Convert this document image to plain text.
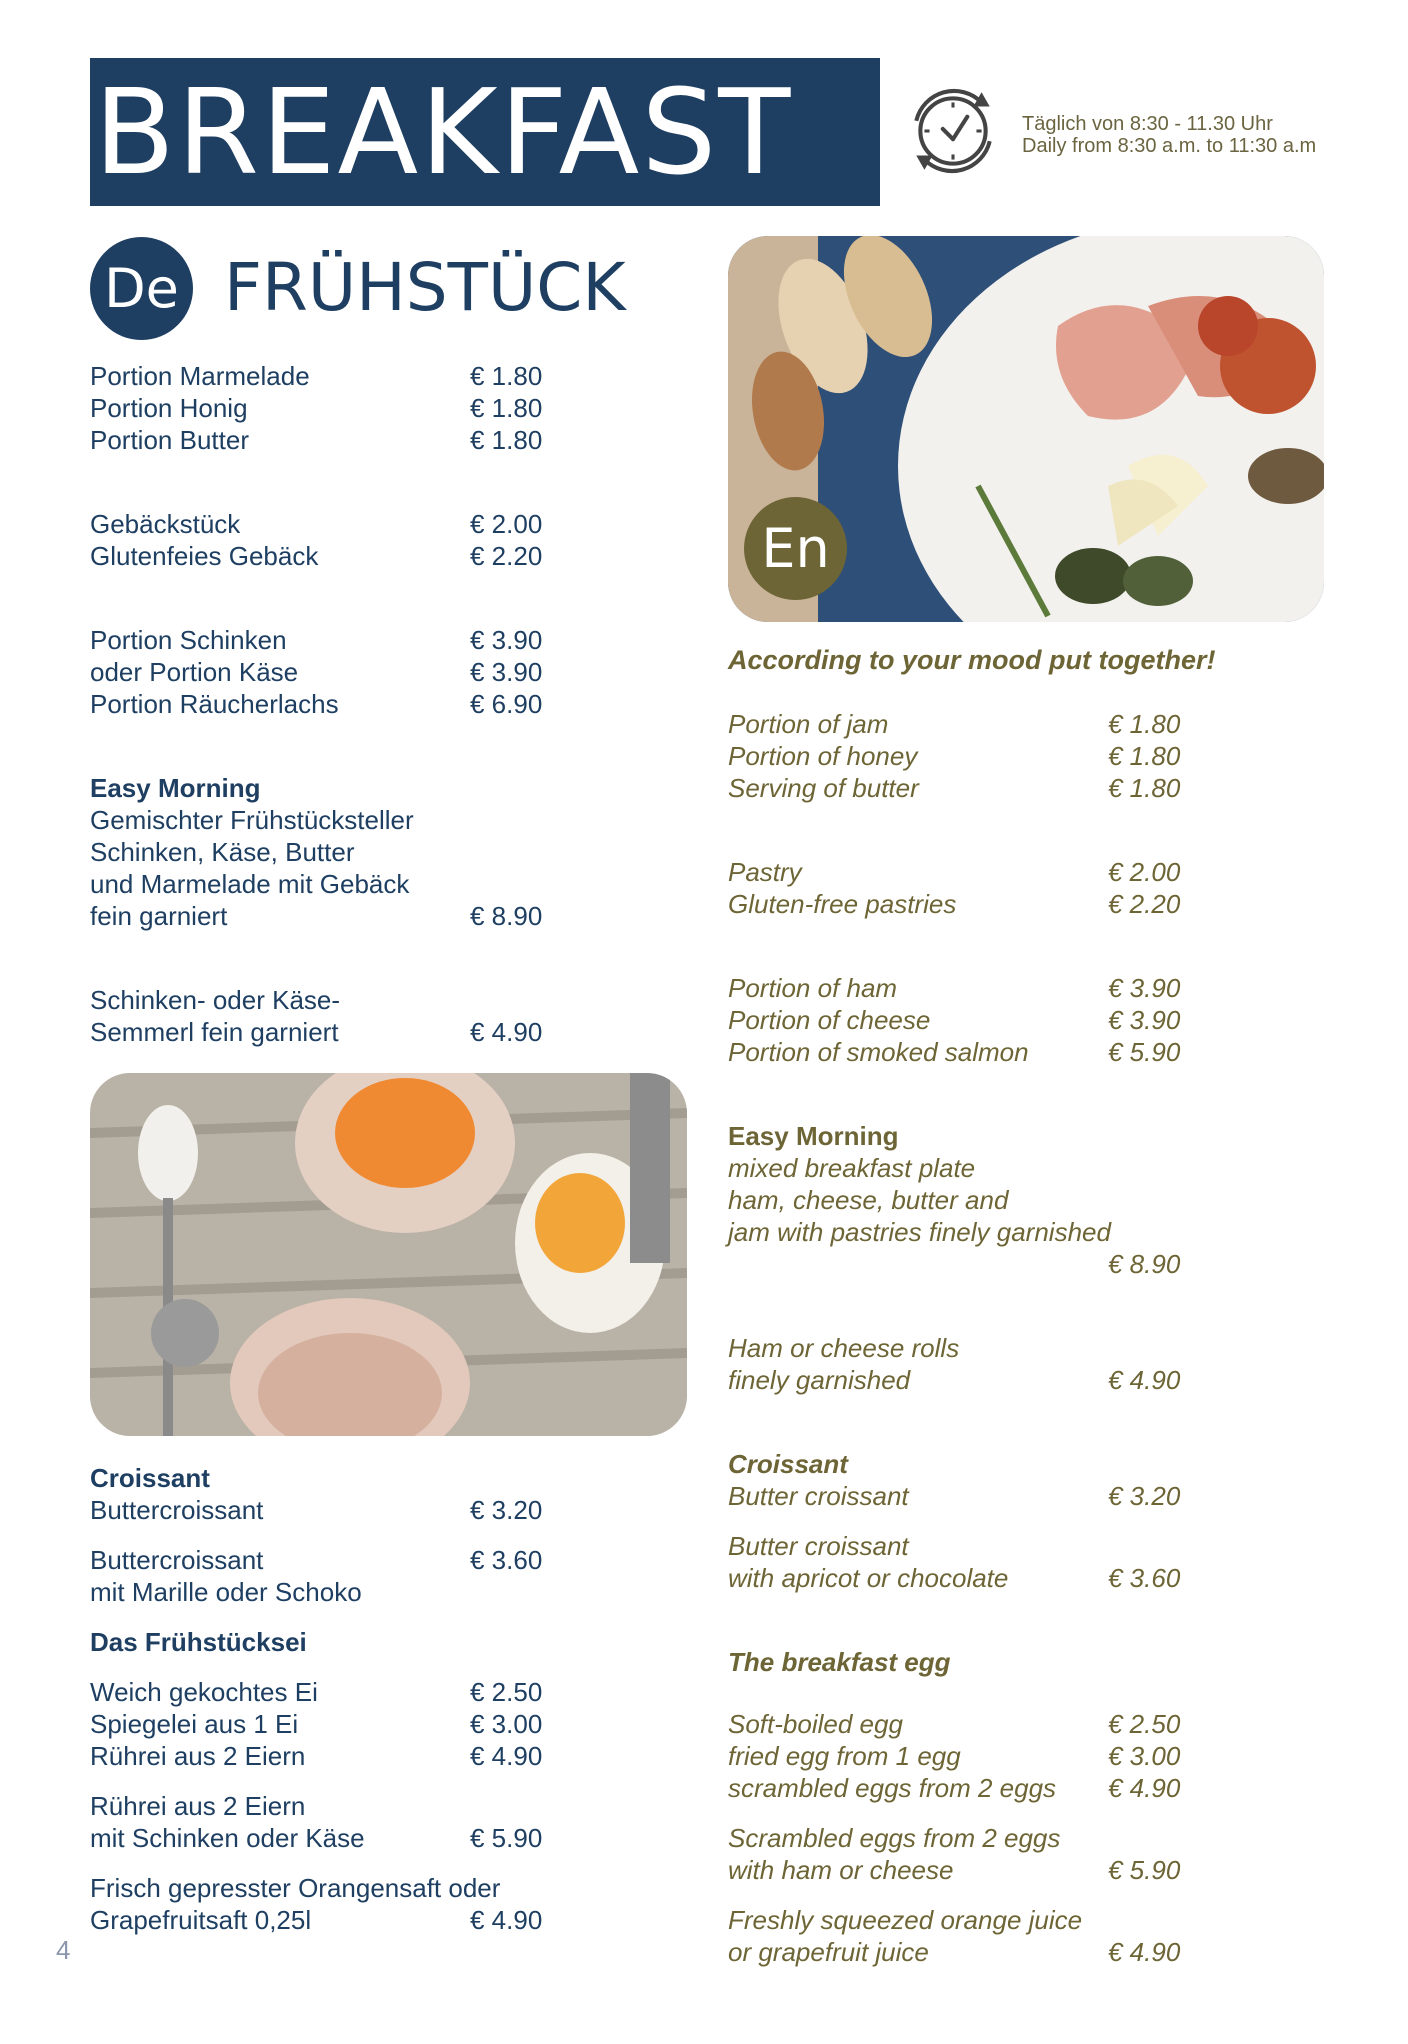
BREAKFAST	Täglich von 8:30 - 11.30 Uhr
Daily from 8:30 a.m. to 11:30 a.m
De FRÜHSTÜCK
En
According to your mood put together!
Portion Marmelade	€ 1.80
Portion Honig	€ 1.80
Portion Butter	€ 1.80
Gebäckstück	€ 2.00
Glutenfeies Gebäck	€ 2.20
Portion Schinken	€ 3.90
oder Portion Käse	€ 3.90
Portion Räucherlachs	€ 6.90
Easy Morning
Gemischter Frühstücksteller
Schinken, Käse, Butter
und Marmelade mit Gebäck
fein garniert	€ 8.90
Schinken- oder Käse-
Semmerl fein garniert	€ 4.90
Croissant
Buttercroissant	€ 3.20
Buttercroissant	€ 3.60
mit Marille oder Schoko
Das Frühstücksei
Weich gekochtes Ei	€ 2.50
Spiegelei aus 1 Ei	€ 3.00
Rührei aus 2 Eiern	€ 4.90
Rührei aus 2 Eiern
mit Schinken oder Käse	€ 5.90
Frisch gepresster Orangensaft oder
Grapefruitsaft 0,25l	€ 4.90
Portion of jam	€ 1.80
Portion of honey	€ 1.80
Serving of butter	€ 1.80
Pastry	€ 2.00
Gluten-free pastries	€ 2.20
Portion of ham	€ 3.90
Portion of cheese	€ 3.90
Portion of smoked salmon	€ 5.90
Easy Morning
mixed breakfast plate
ham, cheese, butter and
jam with pastries finely garnished
€ 8.90
Ham or cheese rolls
finely garnished	€ 4.90
Croissant
Butter croissant	€ 3.20
Butter croissant
with apricot or chocolate	€ 3.60
The breakfast egg
Soft-boiled egg	€ 2.50
fried egg from 1 egg	€ 3.00
scrambled eggs from 2 eggs € 4.90
Scrambled eggs from 2 eggs
with ham or cheese	€ 5.90
Freshly squeezed orange juice
or grapefruit juice	€ 4.90
4
